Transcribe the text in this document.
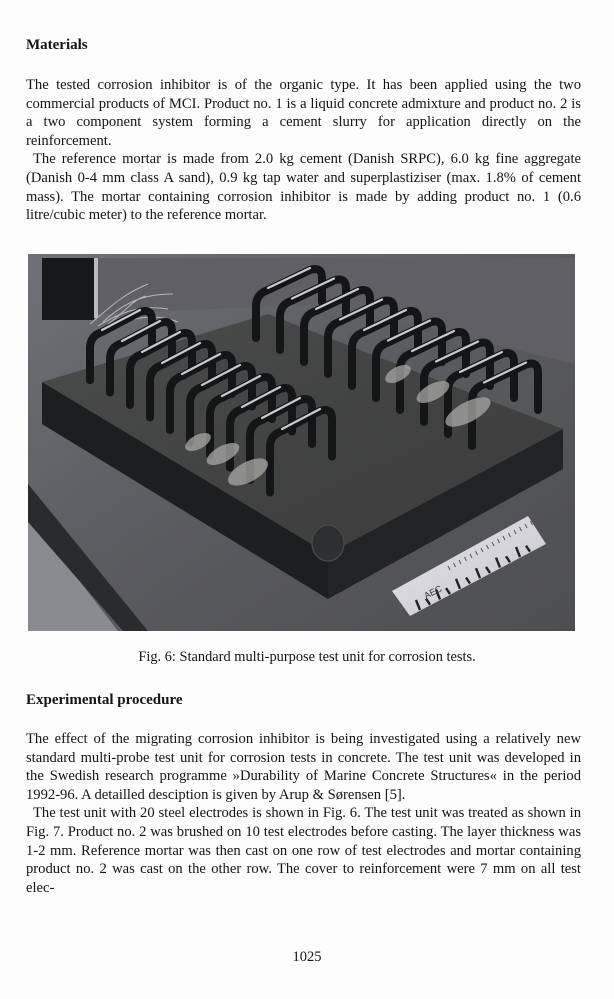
Materials

The tested corrosion inhibitor is of the organic type. It has been applied using the two commercial products of MCI. Product no. 1 is a liquid concrete admixture and product no. 2 is a two component system forming a cement slurry for application directly on the reinforcement.

The reference mortar is made from 2.0 kg cement (Danish SRPC), 6.0 kg fine aggregate (Danish 0-4 mm class A sand), 0.9 kg tap water and superplastiziser (max. 1.8% of cement mass). The mortar containing corrosion inhibitor is made by adding product no. 1 (0.6 litre/cubic meter) to the reference mortar.

AEC
Fig. 6: Standard multi-purpose test unit for corrosion tests.
Experimental procedure

The effect of the migrating corrosion inhibitor is being investigated using a relatively new standard multi-probe test unit for corrosion tests in concrete. The test unit was developed in the Swedish research programme »Durability of Marine Concrete Structures« in the period 1992-96. A detailled desciption is given by Arup & Sørensen [5].

The test unit with 20 steel electrodes is shown in Fig. 6. The test unit was treated as shown in Fig. 7. Product no. 2 was brushed on 10 test electrodes before casting. The layer thickness was 1-2 mm. Reference mortar was then cast on one row of test electrodes and mortar containing product no. 2 was cast on the other row. The cover to reinforcement were 7 mm on all test elec-

1025
